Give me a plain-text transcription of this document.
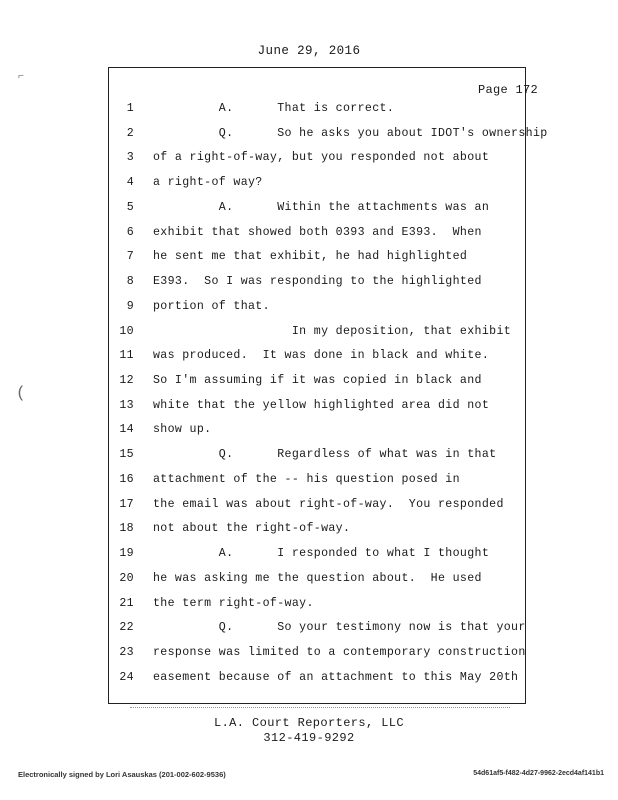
June 29, 2016
Page 172
1 A.      That is correct.
2 Q.      So he asks you about IDOT's ownership
3 of a right-of-way, but you responded not about
4 a right-of way?
5 A.      Within the attachments was an
6 exhibit that showed both 0393 and E393.  When
7 he sent me that exhibit, he had highlighted
8 E393.  So I was responding to the highlighted
9 portion of that.
10 In my deposition, that exhibit
11 was produced.  It was done in black and white.
12 So I'm assuming if it was copied in black and
13 white that the yellow highlighted area did not
14 show up.
15 Q.      Regardless of what was in that
16 attachment of the -- his question posed in
17 the email was about right-of-way.  You responded
18 not about the right-of-way.
19 A.      I responded to what I thought
20 he was asking me the question about.  He used
21 the term right-of-way.
22 Q.      So your testimony now is that your
23 response was limited to a contemporary construction
24 easement because of an attachment to this May 20th
L.A. Court Reporters, LLC
312-419-9292
Electronically signed by Lori Asauskas (201-002-602-9536)	54d61af5-f482-4d27-9962-2ecd4af141b1
⌐
(
